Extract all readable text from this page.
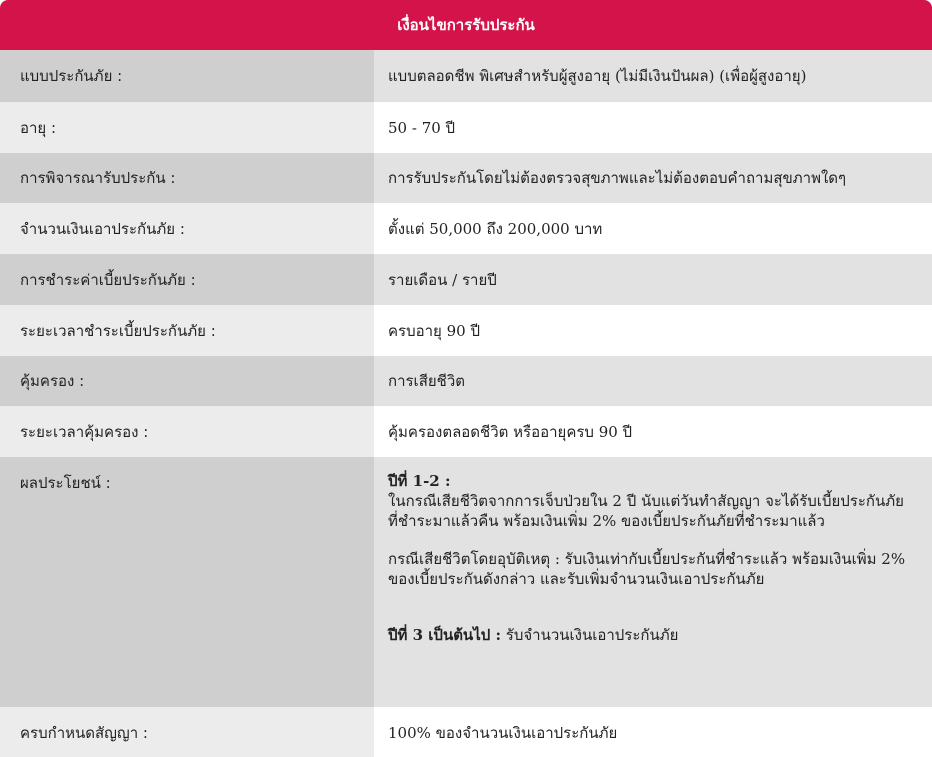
เงื่อนไขการรับประกัน
แบบประกันภัย :	แบบตลอดชีพ พิเศษสำหรับผู้สูงอายุ (ไม่มีเงินปันผล) (เพื่อผู้สูงอายุ)
อายุ :	50 - 70 ปี
การพิจารณารับประกัน :	การรับประกันโดยไม่ต้องตรวจสุขภาพและไม่ต้องตอบคำถามสุขภาพใดๆ
จำนวนเงินเอาประกันภัย :	ตั้งแต่ 50,000 ถึง 200,000 บาท
การชำระค่าเบี้ยประกันภัย :	รายเดือน / รายปี
ระยะเวลาชำระเบี้ยประกันภัย :	ครบอายุ 90 ปี
คุ้มครอง :	การเสียชีวิต
ระยะเวลาคุ้มครอง :	คุ้มครองตลอดชีวิต หรืออายุครบ 90 ปี
ผลประโยชน์ :	ปีที่ 1-2 :

ในกรณีเสียชีวิตจากการเจ็บป่วยใน 2 ปี นับแต่วันทำสัญญา จะได้รับเบี้ยประกันภัยที่ชำระมาแล้วคืน พร้อมเงินเพิ่ม 2% ของเบี้ยประกันภัยที่ชำระมาแล้ว

กรณีเสียชีวิตโดยอุบัติเหตุ : รับเงินเท่ากับเบี้ยประกันที่ชำระแล้ว พร้อมเงินเพิ่ม 2% ของเบี้ยประกันดังกล่าว และรับเพิ่มจำนวนเงินเอาประกันภัย

ปีที่ 3 เป็นต้นไป : รับจำนวนเงินเอาประกันภัย

ครบกำหนดสัญญา :	100% ของจำนวนเงินเอาประกันภัย
